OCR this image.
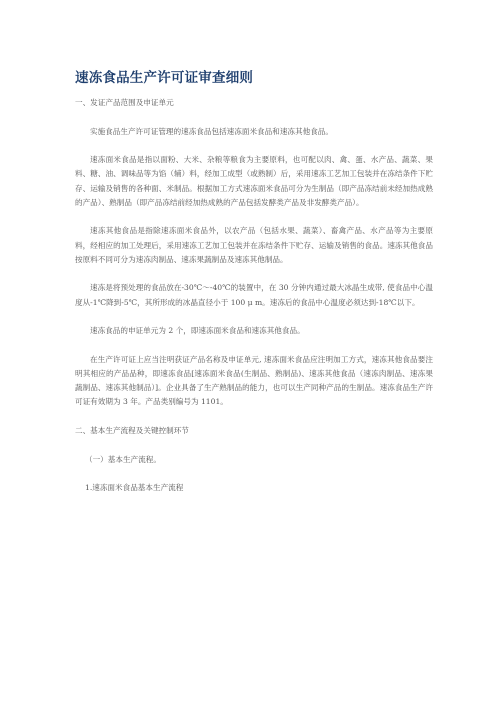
速冻食品生产许可证审查细则

一、发证产品范围及申证单元

实施食品生产许可证管理的速冻食品包括速冻面米食品和速冻其他食品。

速冻面米食品是指以面粉、大米、杂粮等粮食为主要原料，也可配以肉、禽、蛋、水产品、蔬菜、果料、糖、油、调味品等为馅（辅）料，经加工成型（或熟制）后，采用速冻工艺加工包装并在冻结条件下贮存、运输及销售的各种面、米制品。根据加工方式速冻面米食品可分为生制品（即产品冻结前未经加热成熟的产品）、熟制品（即产品冻结前经加热成熟的产品包括发酵类产品及非发酵类产品）。

速冻其他食品是指除速冻面米食品外，以农产品（包括水果、蔬菜）、畜禽产品、水产品等为主要原料，经相应的加工处理后，采用速冻工艺加工包装并在冻结条件下贮存、运输及销售的食品。速冻其他食品按原料不同可分为速冻肉制品、速冻果蔬制品及速冻其他制品。

速冻是将预处理的食品放在-30℃～-40℃的装置中，在 30 分钟内通过最大冰晶生成带, 使食品中心温度从-1℃降到-5℃，其所形成的冰晶直径小于 100 μ m。速冻后的食品中心温度必须达到-18℃以下。

速冻食品的申证单元为 2 个，即速冻面米食品和速冻其他食品。

在生产许可证上应当注明获证产品名称及申证单元, 速冻面米食品应注明加工方式，速冻其他食品要注明其相应的产品品种，即速冻食品[速冻面米食品(生制品、熟制品)、速冻其他食品（速冻肉制品、速冻果蔬制品、速冻其他制品）]。企业具备了生产熟制品的能力，也可以生产同种产品的生制品。速冻食品生产许可证有效期为 3 年。产品类别编号为 1101。

二、基本生产流程及关键控制环节

（一）基本生产流程。

1.速冻面米食品基本生产流程
